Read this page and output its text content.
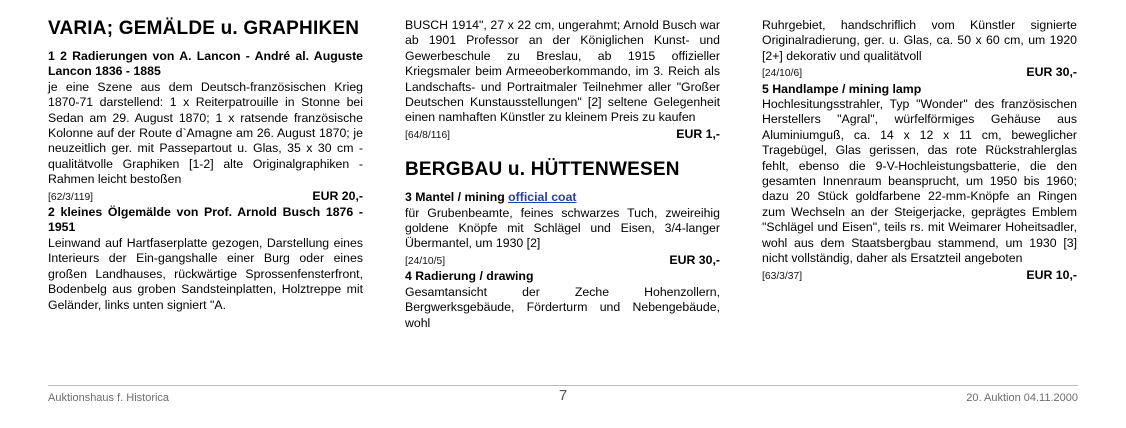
VARIA; GEMÄLDE u. GRAPHIKEN

1 2 Radierungen von A. Lancon - André al. Auguste Lancon 1836 - 1885

je eine Szene aus dem Deutsch-französischen Krieg 1870-71 darstellend: 1 x Reiterpatrouille in Stonne bei Sedan am 29. August 1870; 1 x ratsende französische Kolonne auf der Route d`Amagne am 26. August 1870; je neuzeitlich ger. mit Passepartout u. Glas, 35 x 30 cm - qualitätvolle Graphiken [1-2] alte Originalgraphiken - Rahmen leicht bestoßen

[62/3/119]	EUR 20,-

2 kleines Ölgemälde von Prof. Arnold Busch 1876 - 1951

Leinwand auf Hartfaserplatte gezogen, Darstellung eines Interieurs der Ein-gangshalle einer Burg oder eines großen Landhauses, rückwärtige Sprossenfensterfront, Bodenbelg aus groben Sandsteinplatten, Holztreppe mit Geländer, links unten signiert "A.

BUSCH 1914", 27 x 22 cm, ungerahmt; Arnold Busch war ab 1901 Professor an der Königlichen Kunst- und Gewerbeschule zu Breslau, ab 1915 offizieller Kriegsmaler beim Armeeoberkommando, im 3. Reich als Landschafts- und Portraitmaler Teilnehmer aller "Großer Deutschen Kunstausstellungen" [2] seltene Gelegenheit einen namhaften Künstler zu kleinem Preis zu kaufen

[64/8/116]	EUR 1,-
BERGBAU u. HÜTTENWESEN

3 Mantel / mining official coat

für Grubenbeamte, feines schwarzes Tuch, zweireihig goldene Knöpfe mit Schlägel und Eisen, 3/4-langer Übermantel, um 1930 [2]

[24/10/5]	EUR 30,-

4 Radierung / drawing

Gesamtansicht der Zeche Hohenzollern, Bergwerksgebäude, Förderturm und Nebengebäude, wohl

Ruhrgebiet, handschriflich vom Künstler signierte Originalradierung, ger. u. Glas, ca. 50 x 60 cm, um 1920 [2+] dekorativ und qualitätvoll

[24/10/6]	EUR 30,-

5 Handlampe / mining lamp

Hochlesitungsstrahler, Typ "Wonder" des französischen Herstellers "Agral", würfelförmiges Gehäuse aus Aluminiumguß, ca. 14 x 12 x 11 cm, beweglicher Tragebügel, Glas gerissen, das rote Rückstrahlerglas fehlt, ebenso die 9-V-Hochleistungsbatterie, die den gesamten Innenraum beansprucht, um 1950 bis 1960; dazu 20 Stück goldfarbene 22-mm-Knöpfe an Ringen zum Wechseln an der Steigerjacke, geprägtes Emblem "Schlägel und Eisen", teils rs. mit Weimarer Hoheitsadler, wohl aus dem Staatsbergbau stammend, um 1930 [3] nicht vollständig, daher als Ersatzteil angeboten

[63/3/37]	EUR 10,-
7
Auktionshaus f. Historica	20. Auktion 04.11.2000
